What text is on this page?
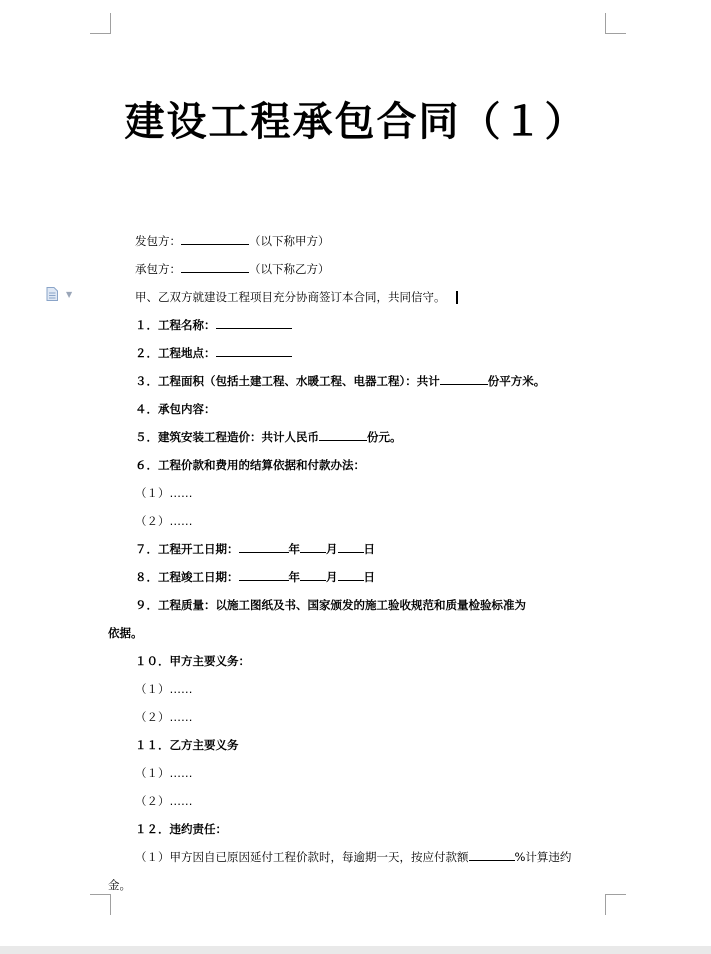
建设工程承包合同（１）
▼
发包方：	（以下称甲方）
承包方：	（以下称乙方）
甲、乙双方就建设工程项目充分协商签订本合同，共同信守。
１．工程名称：
２．工程地点：
３．工程面积（包括土建工程、水暖工程、电器工程）：共计	份平方米。
４．承包内容：
５．建筑安装工程造价：共计人民币	份元。
６．工程价款和费用的结算依据和付款办法：
（１）……
（２）……
７．工程开工日期：	年 月 日
８．工程竣工日期：	年 月 日
９．工程质量：以施工图纸及书、国家颁发的施工验收规范和质量检验标准为
依据。
１０．甲方主要义务：
（１）……
（２）……
１１．乙方主要义务
（１）……
（２）……
１２．违约责任：
（１）甲方因自已原因延付工程价款时，每逾期一天，按应付款额	%计算违约
金。
